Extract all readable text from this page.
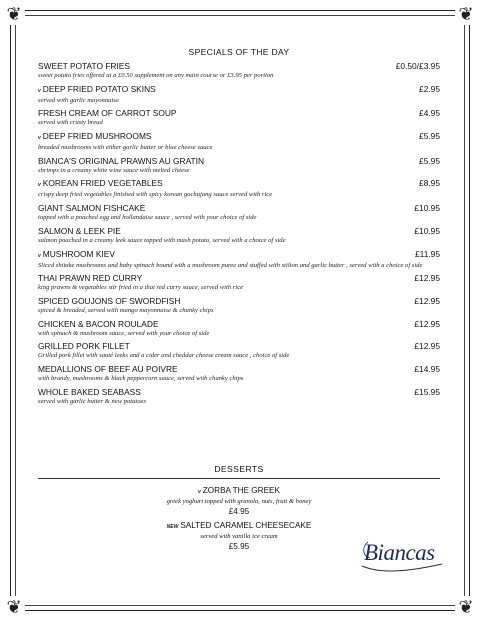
❦	❦
❦	❦
SPECIALS OF THE DAY
SWEET POTATO FRIES	£0.50/£3.95
sweet potato fries offered at a £0.50 supplement on any main course or £3.95 per portion
v DEEP FRIED POTATO SKINS	£2.95
served with garlic mayonnaise
FRESH CREAM OF CARROT SOUP	£4.95
served with crusty bread
v DEEP FRIED MUSHROOMS	£5.95
breaded mushrooms with either garlic butter or blue cheese sauce
BIANCA'S ORIGINAL PRAWNS AU GRATIN	£5.95
shrimps in a creamy white wine sauce with melted cheese
v KOREAN FRIED VEGETABLES	£8.95
crispy deep fried vegetables finished with spicy korean gochujang sauce served with rice
GIANT SALMON FISHCAKE	£10.95
topped with a poached egg and hollandaise sauce , served with your choice of side
SALMON & LEEK PIE	£10.95
salmon poached in a creamy leek sauce topped with mash potato, served with a choice of side
v MUSHROOM KIEV	£11.95
Sliced shitake mushrooms and baby spinach bound with a mushroom puree and stuffed with stilton and garlic butter , served with a choice of side
THAI PRAWN RED CURRY	£12.95
king prawns & vegetables stir fried in a thai red curry sauce, served with rice
SPICED GOUJONS OF SWORDFISH	£12.95
spiced & breaded, served with mango mayonnaise & chunky chips
CHICKEN & BACON ROULADE	£12.95
with spinach & mushroom sauce, served with your choice of side
GRILLED PORK FILLET	£12.95
Grilled pork fillet with sauté leeks and a cider and cheddar cheese cream sauce , choice of side
MEDALLIONS OF BEEF AU POIVRE	£14.95
with brandy, mushrooms & black peppercorn sauce, served with chunky chips
WHOLE BAKED SEABASS	£15.95
served with garlic butter & new potatoes
DESSERTS
v ZORBA THE GREEK
greek yoghurt topped with granola, nuts, fruit & honey
£4.95
NEW SALTED CARAMEL CHEESECAKE
served with vanilla ice cream
£5.95	Biancas
